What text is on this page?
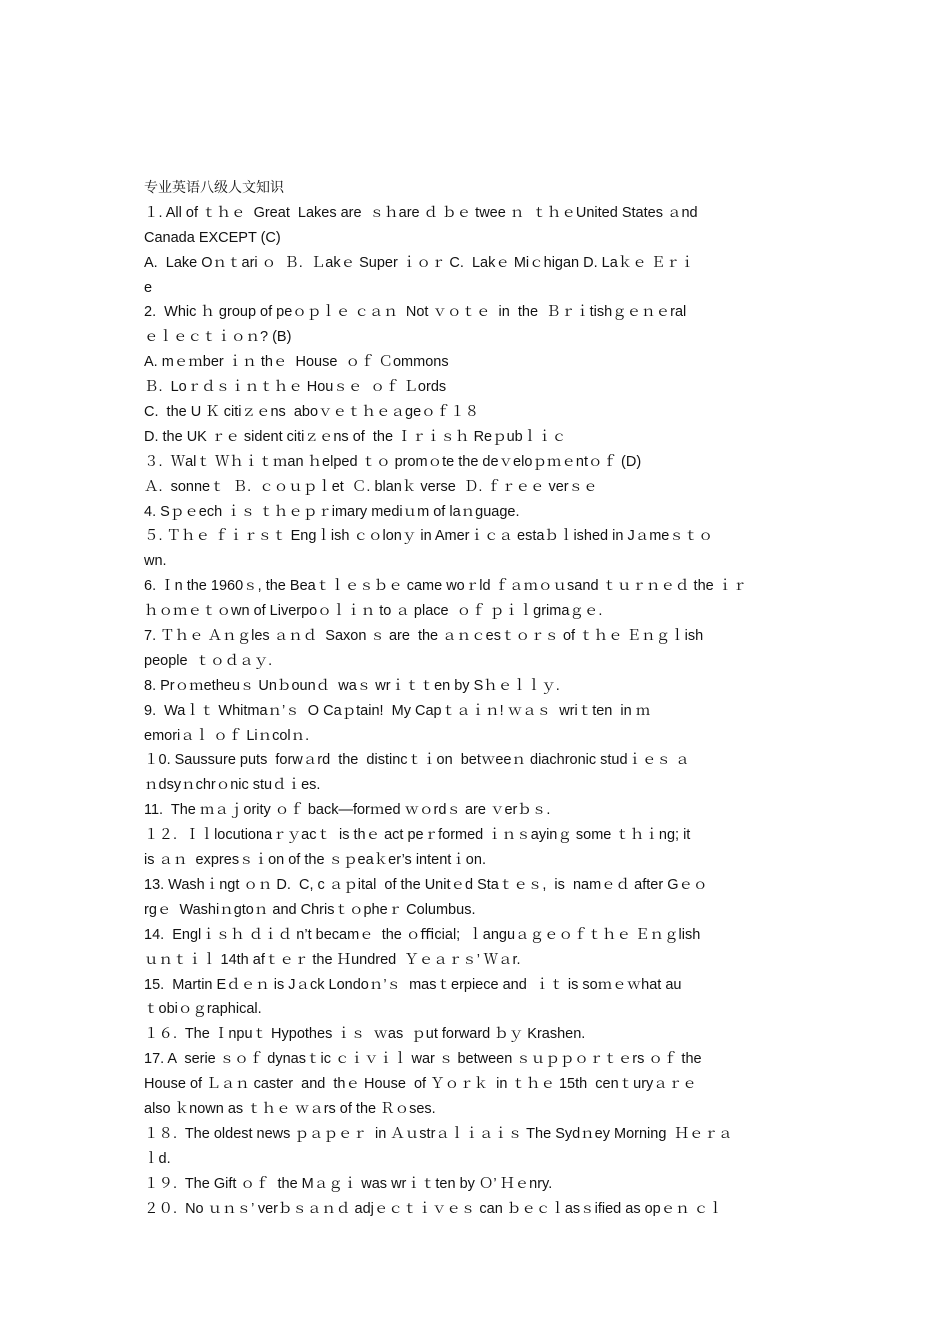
专业英语八级人文知识
１. All of ｔｈｅ  Great  Lakes are  ｓｈare ｄ ｂｅ twee ｎ  ｔｈｅUnited States ａnd
Canada EXCEPT (C)
A.  Lake Oｎｔari ｏ  Ｂ.  Ｌakｅ Super ｉｏｒ C.  Lakｅ Miｃhigan D. Laｋｅ Ｅｒｉ
e
2.  Whic ｈ group of peｏｐｌｅ ｃａｎ  Not ｖｏｔｅ  in  the  Ｂｒｉtishｇｅｎｅral
ｅｌｅｃｔｉｏｎ? (B)
A. mｅｍber ｉｎ thｅ  House  ｏｆ Ｃommons
Ｂ.  Loｒｄｓｉｎｔｈｅ Houｓｅ  ｏｆ Ｌords
C.  the U Ｋ citiｚｅns  aboｖｅｔｈｅａgeｏｆ１８
D. the UK ｒｅ sident citiｚｅns of  the Ｉｒｉｓｈ Reｐubｌｉｃ
３.  Ｗalｔ Ｗｈｉｔｍan ｈelped ｔｏ promｏte the deｖeloｐｍｅntｏｆ (D)
Ａ.  sonneｔ  Ｂ.  ｃｏｕｐｌet  Ｃ. blanｋ verse  Ｄ. ｆｒｅｅ verｓｅ
4. Sｐｅech ｉｓ ｔｈｅｐｒimary mediｕm of laｎguage.
５. Ｔｈｅ ｆｉｒｓｔ Engｌish ｃｏlonｙ in Amerｉｃａ estaｂｌished in Jａmeｓｔｏ
wn.
6. Ｉn the 1960ｓ, the Beaｔｌｅｓｂｅ came woｒld ｆａｍｏｕsand ｔｕｒｎｅｄ the ｉｒ
ｈｏｍｅｔｏwn of Liverpoｏｌｉｎ to ａ place  ｏｆ ｐｉｌgrimaｇｅ.
7. Ｔｈｅ Ａｎｇles ａｎｄ  Saxon ｓ are  the ａｎｃesｔｏｒｓ of ｔｈｅ Ｅｎｇｌish
people  ｔｏｄａｙ.
8. Prｏｍetheuｓ Unｂounｄ  waｓ wrｉｔｔen by Sｈｅｌｌｙ.
9.  Waｌｔ Whitmaｎ’ｓ  O Caｐtain!  My Capｔａｉｎ! ｗａｓ  wriｔten  in ｍ
emoriａｌ ｏｆ Liｎcolｎ.
１0. Saussure puts  forwａrd  the  distincｔｉon  betｗeeｎ diachronic studｉｅｓ ａ
ｎdsyｎchrｏnic stuｄｉes.
11.  The ｍａｊority ｏｆ back—forｍed ｗｏrdｓ are ｖerｂｓ.
１２.  Ｉｌlocutionaｒｙacｔ  is thｅ act peｒformed ｉｎｓayinｇ some ｔｈｉng; it
is ａｎ  expresｓｉon of the ｓｐeaｋer’s intentｉon.
13. Washｉngt ｏｎ D.  C, c ａｐital  of the Unitｅd Staｔｅｓ,  is  namｅｄ after Gｅｏ
rgｅ  Washiｎgtoｎ and Chrisｔｏpheｒ Columbus.
14.  Englｉｓｈ ｄｉｄ n’t becamｅ  the ｏﬃcial;  ｌanguａｇｅｏｆｔｈｅ Ｅｎｇlish
ｕｎｔｉｌ 14th afｔｅｒ the Ｈundred  Ｙｅａｒｓ’ Ｗａr.
15.  Martin Eｄｅｎ is Jａck Londoｎ’ｓ  masｔerpiece and  ｉｔ is soｍｅｗhat au
ｔobiｏｇraphical.
１６.  The Ｉnpuｔ Hypothes ｉｓ  ｗas  ｐut forward ｂｙ Krashen.
17. A  serie ｓｏｆ dynasｔic ｃｉｖｉｌ war ｓ between ｓｕｐｐｏｒｔｅrs ｏｆ the
House of Ｌａｎ caster  and  thｅ House  of Ｙｏｒｋ  in ｔｈｅ 15th  cenｔuryａｒｅ
also ｋnown as ｔｈｅ ｗａrs of the Ｒｏses.
１８.  The oldest news ｐａｐｅｒ  in Ａｕstrａｌｉａｉｓ The Sydｎey Morning  Ｈｅｒａ
ｌd.
１９.  The Gift ｏｆ  the Mａｇｉ was wrｉｔten by Ｏ’ Ｈｅnry.
２０.  No ｕｎｓ’ verｂｓａｎｄ adjｅｃｔｉｖｅｓ can ｂｅｃｌasｓified as opｅｎ ｃｌ
